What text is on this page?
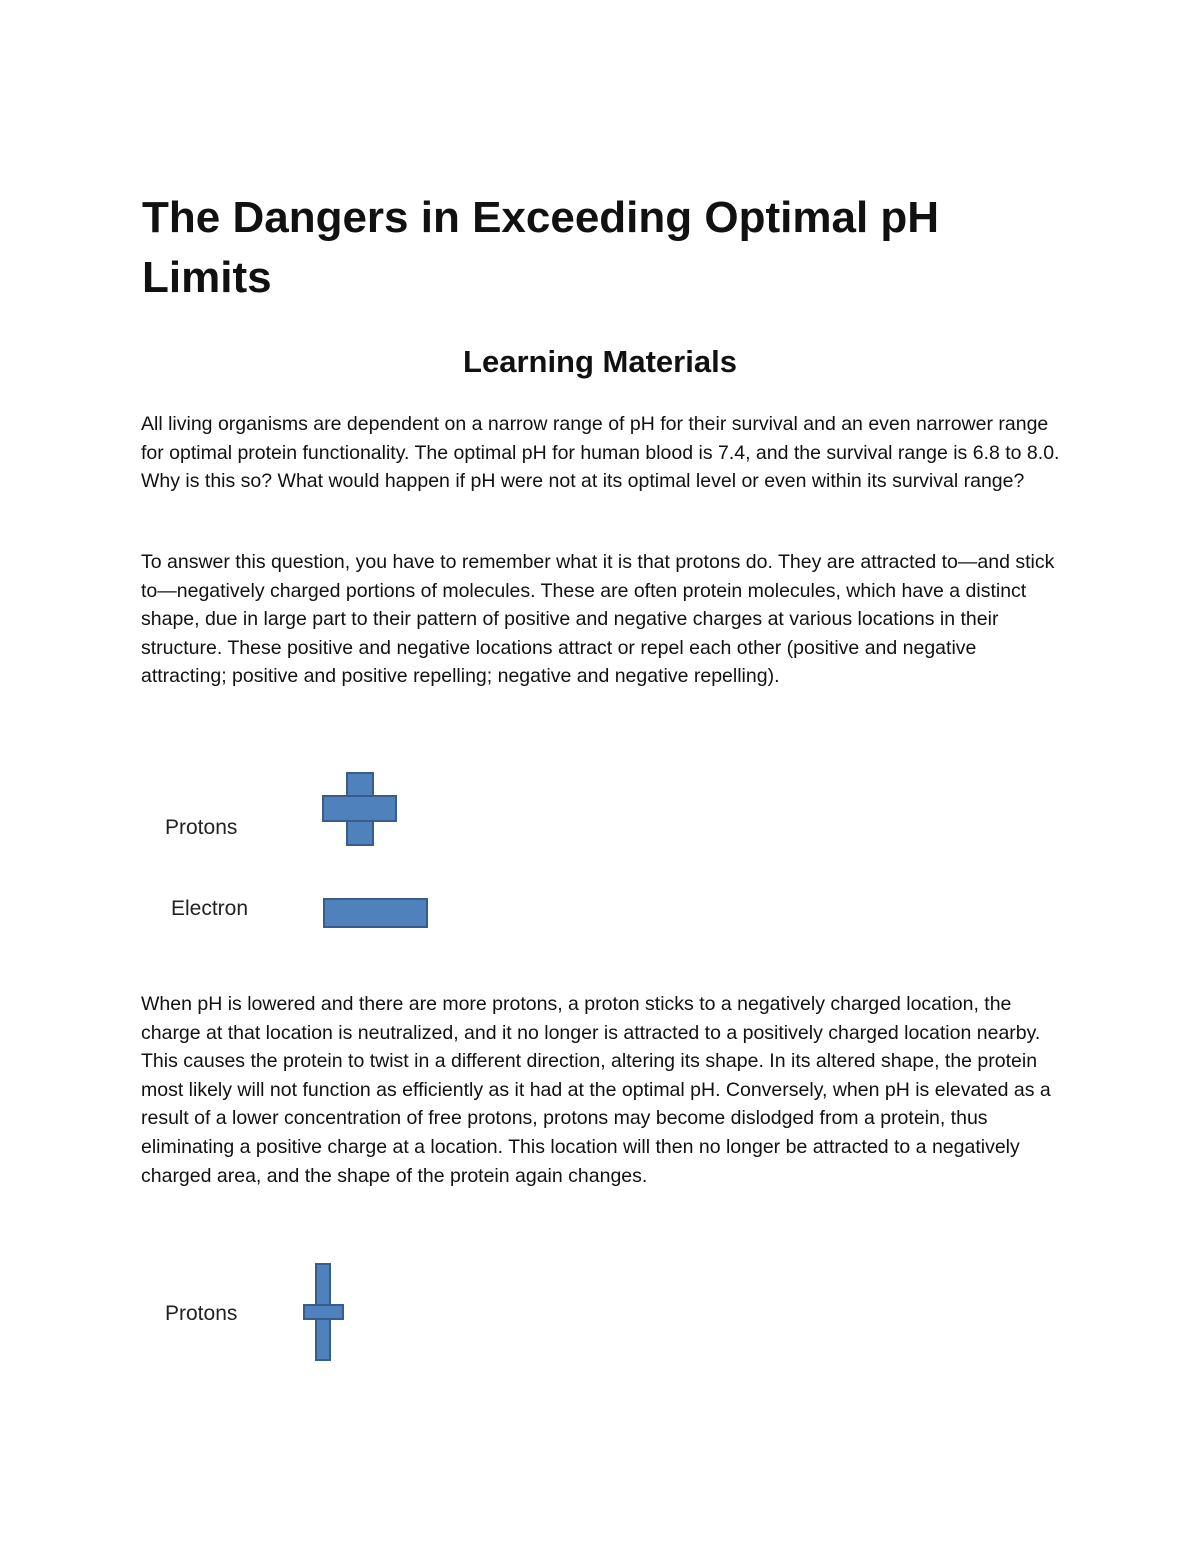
The Dangers in Exceeding Optimal pH Limits
Learning Materials

All living organisms are dependent on a narrow range of pH for their survival and an even narrower range for optimal protein functionality. The optimal pH for human blood is 7.4, and the survival range is 6.8 to 8.0. Why is this so? What would happen if pH were not at its optimal level or even within its survival range?

To answer this question, you have to remember what it is that protons do. They are attracted to—and stick to—negatively charged portions of molecules. These are often protein molecules, which have a distinct shape, due in large part to their pattern of positive and negative charges at various locations in their structure. These positive and negative locations attract or repel each other (positive and negative attracting; positive and positive repelling; negative and negative repelling).

Protons
Electron

When pH is lowered and there are more protons, a proton sticks to a negatively charged location, the charge at that location is neutralized, and it no longer is attracted to a positively charged location nearby. This causes the protein to twist in a different direction, altering its shape. In its altered shape, the protein most likely will not function as efficiently as it had at the optimal pH. Conversely, when pH is elevated as a result of a lower concentration of free protons, protons may become dislodged from a protein, thus eliminating a positive charge at a location. This location will then no longer be attracted to a negatively charged area, and the shape of the protein again changes.

Protons
